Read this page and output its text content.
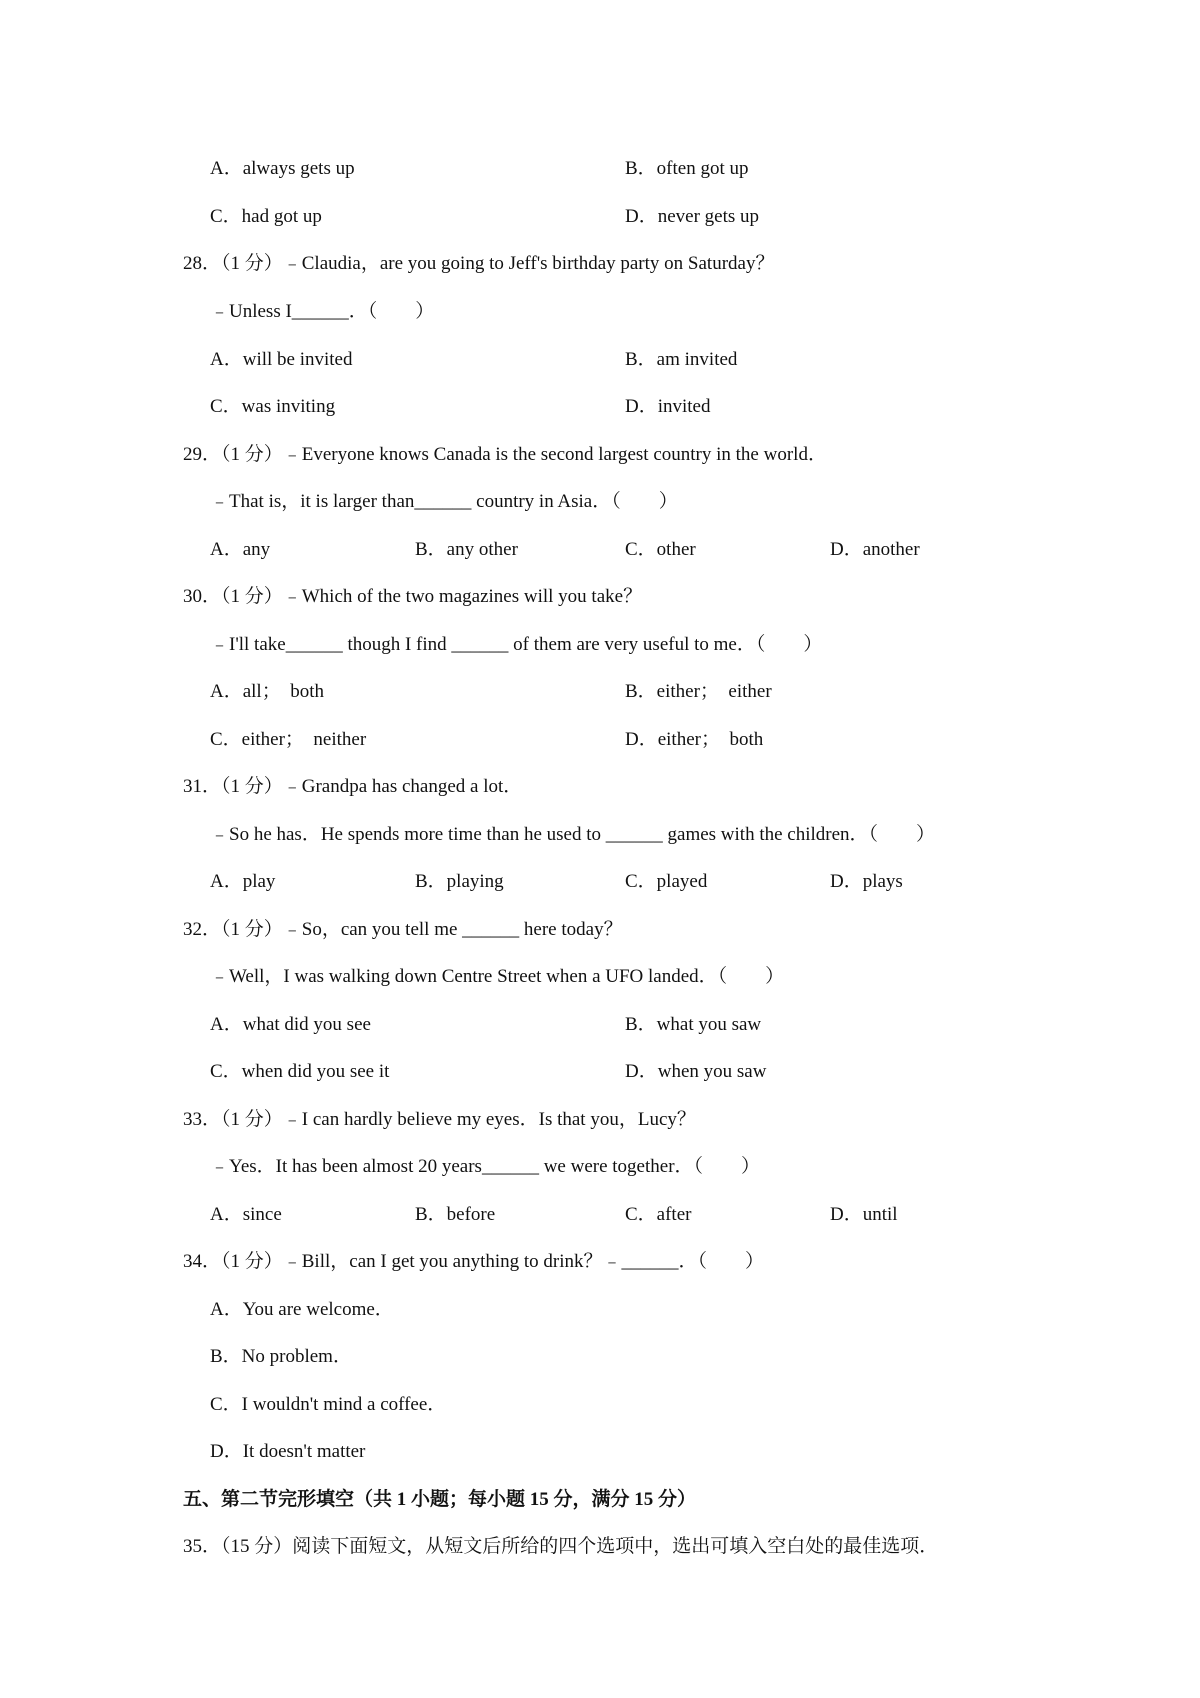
A．always gets up	B．often got up
C．had got up	D．never gets up
28．（1 分）﹣Claudia，are you going to Jeff's birthday party on Saturday？
﹣Unless I______．（　　）
A．will be invited	B．am invited
C．was inviting	D．invited
29．（1 分）﹣Everyone knows Canada is the second largest country in the world．
﹣That is，it is larger than______ country in Asia．（　　）
A．any	B．any other	C．other	D．another
30．（1 分）﹣Which of the two magazines will you take？
﹣I'll take______ though I find ______ of them are very useful to me．（　　）
A．all；  both	B．either；  either
C．either；  neither	D．either；  both
31．（1 分）﹣Grandpa has changed a lot．
﹣So he has．He spends more time than he used to ______ games with the children．（　　）
A．play	B．playing	C．played	D．plays
32．（1 分）﹣So，can you tell me ______ here today？
﹣Well，I was walking down Centre Street when a UFO landed．（　　）
A．what did you see	B．what you saw
C．when did you see it	D．when you saw
33．（1 分）﹣I can hardly believe my eyes．Is that you，Lucy？
﹣Yes．It has been almost 20 years______ we were together．（　　）
A．since	B．before	C．after	D．until
34．（1 分）﹣Bill，can I get you anything to drink？﹣______．（　　）
A．You are welcome．
B．No problem．
C．I wouldn't mind a coffee．
D．It doesn't matter
五、第二节完形填空（共 1 小题；每小题 15 分，满分 15 分）
35．（15 分）阅读下面短文，从短文后所给的四个选项中，选出可填入空白处的最佳选项．
